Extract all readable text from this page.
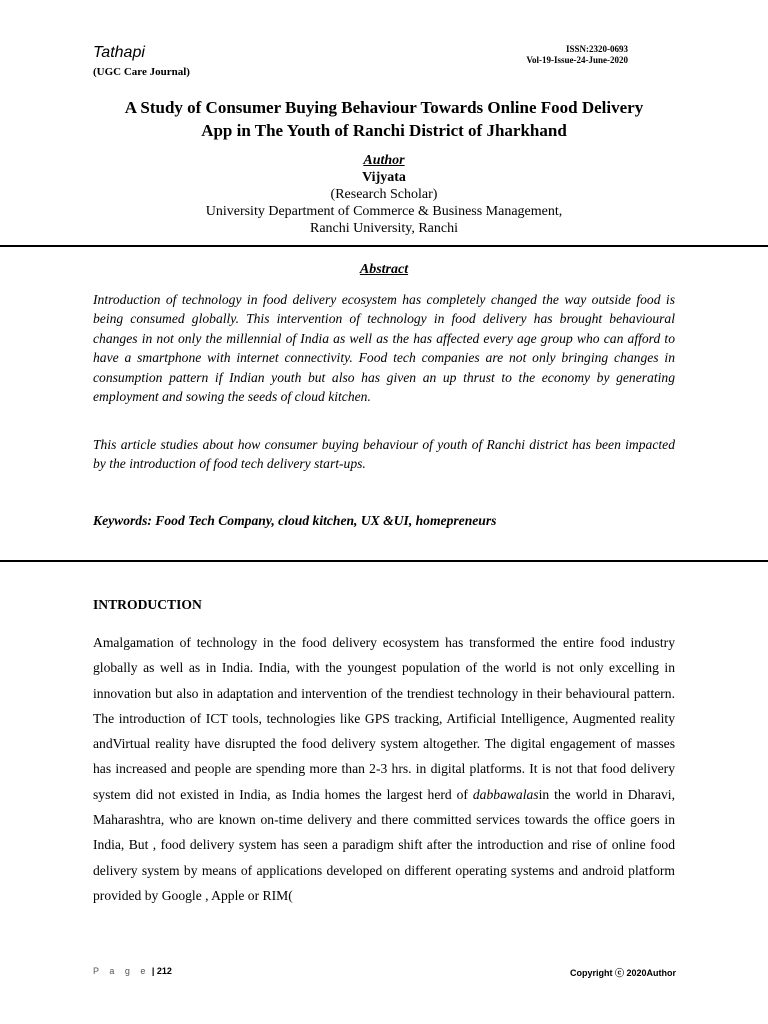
Tathapi
(UGC Care Journal)
ISSN:2320-0693
Vol-19-Issue-24-June-2020
A Study of Consumer Buying Behaviour Towards Online Food Delivery
App in The Youth of Ranchi District of Jharkhand
Author
Vijyata
(Research Scholar)
University Department of Commerce & Business Management,
Ranchi University, Ranchi
Abstract
Introduction of technology in food delivery ecosystem has completely changed the way outside food is being consumed globally. This intervention of technology in food delivery has brought behavioural changes in not only the millennial of India as well as the has affected every age group who can afford to have a smartphone with internet connectivity. Food tech companies are not only bringing changes in consumption pattern if Indian youth but also has given an up thrust to the economy by generating employment and sowing the seeds of cloud kitchen.
This article studies about how consumer buying behaviour of youth of Ranchi district has been impacted by the introduction of food tech delivery start-ups.
Keywords: Food Tech Company, cloud kitchen, UX &UI, homepreneurs
INTRODUCTION
Amalgamation of technology in the food delivery ecosystem has transformed the entire food industry globally as well as in India. India, with the youngest population of the world is not only excelling in innovation but also in adaptation and intervention of the trendiest technology in their behavioural pattern. The introduction of ICT tools, technologies like GPS tracking, Artificial Intelligence, Augmented reality andVirtual reality have disrupted the food delivery system altogether. The digital engagement of masses has increased and people are spending more than 2-3 hrs. in digital platforms. It is not that food delivery system did not existed in India, as India homes the largest herd of dabbawalasin the world in Dharavi, Maharashtra, who are known on-time delivery and there committed services towards the office goers in India, But , food delivery system has seen a paradigm shift after the introduction and rise of online food delivery system by means of applications developed on different operating systems and android platform provided by Google , Apple or RIM(
P a g e | 212	Copyright ⓒ 2020Author
